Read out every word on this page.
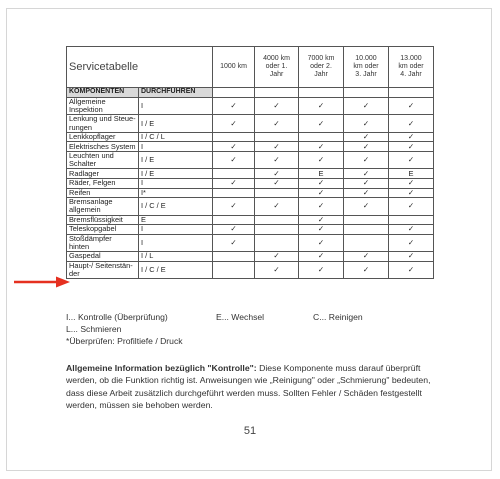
Servicetabelle		1000 km	4000 km
oder 1.
Jahr	7000 km
oder 2.
Jahr	10.000
km oder
3. Jahr	13.000
km oder
4. Jahr
KOMPONENTEN	DURCHFÜHREN					
Allgemeine
Inspektion	I	✓	✓	✓	✓	✓
Lenkung und Steue-
rungen	I / E	✓	✓	✓	✓	✓
Lenkkopflager	I / C / L				✓	✓
Elektrisches System	I	✓	✓	✓	✓	✓
Leuchten und
Schalter	I / E	✓	✓	✓	✓	✓
Radlager	I / E		✓	E	✓	E
Räder, Felgen	I	✓	✓	✓	✓	✓
Reifen	I*			✓	✓	✓
Bremsanlage
allgemein	I / C / E	✓	✓	✓	✓	✓
Bremsflüssigkeit	E			✓		
Teleskopgabel	I	✓		✓		✓
Stoßdämpfer
hinten	I	✓		✓		✓
Gaspedal	I / L		✓	✓	✓	✓
Haupt-/ Seitenstän-
der	I / C / E		✓	✓	✓	✓
I... Kontrolle (Überprüfung)	E... Wechsel	C... Reinigen
L... Schmieren
*Überprüfen: Profiltiefe / Druck

Allgemeine Information bezüglich "Kontrolle": Diese Komponente muss darauf überprüft werden, ob die Funktion richtig ist. Anweisungen wie „Reinigung" oder „Schmierung" bedeuten, dass diese Arbeit zusätzlich durchgeführt werden muss. Sollten Fehler / Schäden festgestellt werden, müssen sie behoben werden.

51
